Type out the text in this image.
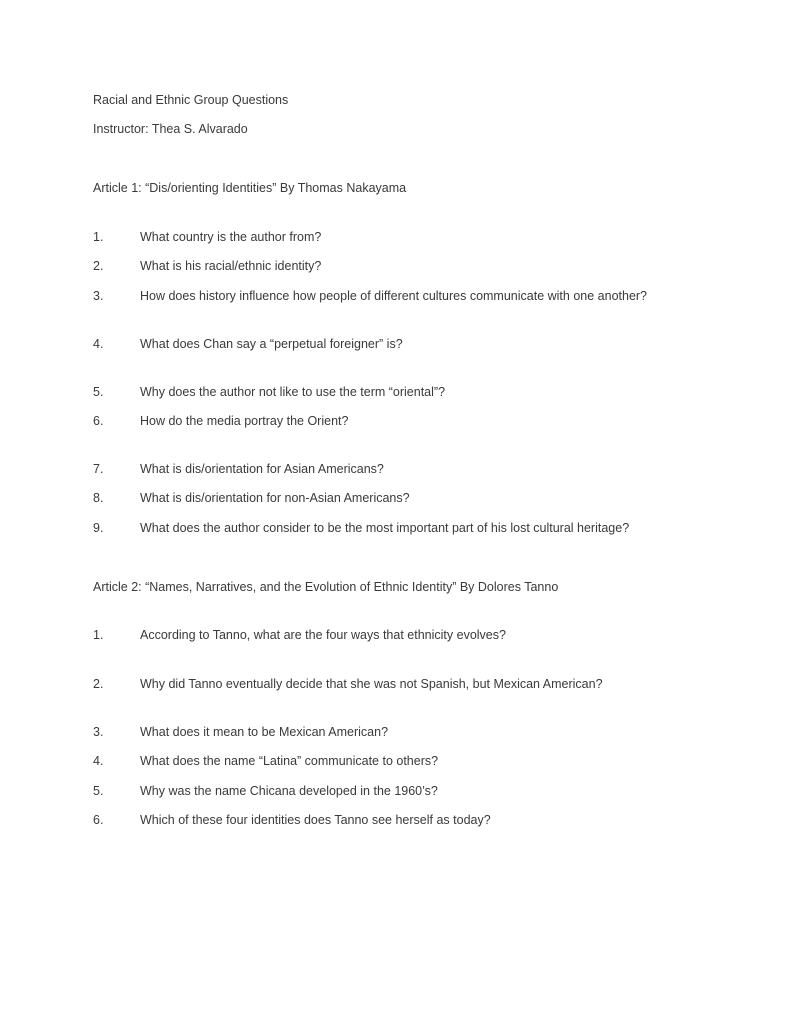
Racial and Ethnic Group Questions
Instructor: Thea S. Alvarado
Article 1: “Dis/orienting Identities” By Thomas Nakayama
1.	What country is the author from?
2.	What is his racial/ethnic identity?
3.	How does history influence how people of different cultures communicate with one another?
4.	What does Chan say a “perpetual foreigner” is?
5.	Why does the author not like to use the term “oriental”?
6.	How do the media portray the Orient?
7.	What is dis/orientation for Asian Americans?
8.	What is dis/orientation for non-Asian Americans?
9.	What does the author consider to be the most important part of his lost cultural heritage?
Article 2: “Names, Narratives, and the Evolution of Ethnic Identity” By Dolores Tanno
1.	According to Tanno, what are the four ways that ethnicity evolves?
2.	Why did Tanno eventually decide that she was not Spanish, but Mexican American?
3.	What does it mean to be Mexican American?
4.	What does the name “Latina” communicate to others?
5.	Why was the name Chicana developed in the 1960’s?
6.	Which of these four identities does Tanno see herself as today?
